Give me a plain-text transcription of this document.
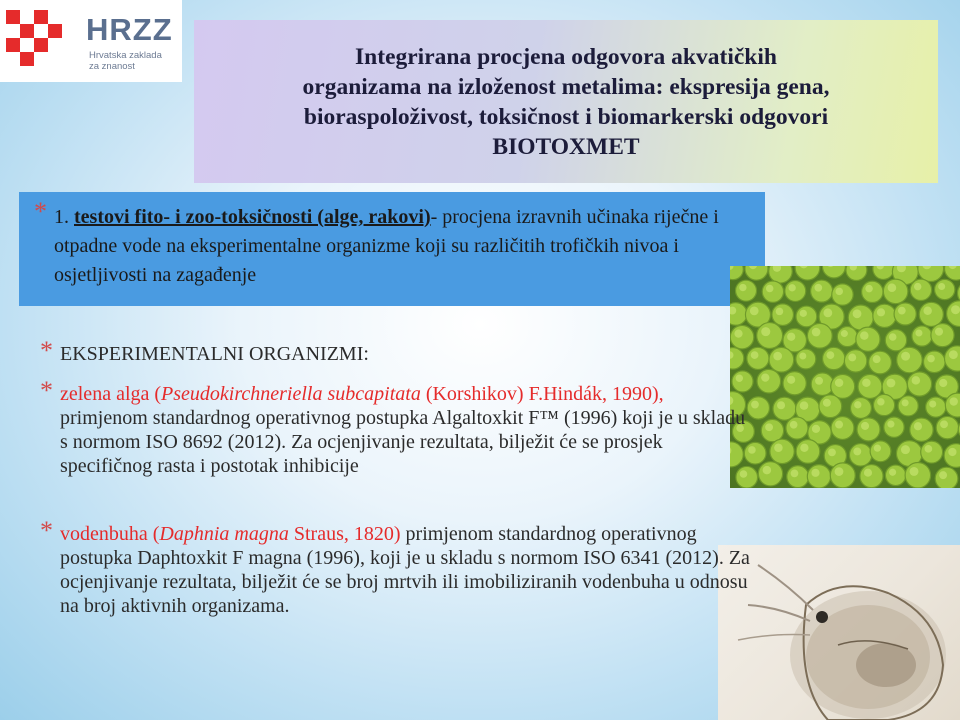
HRZZ
Hrvatska zaklada
za znanost	Integrirana procjena odgovora akvatičkih
organizama na izloženost metalima: ekspresija gena,
bioraspoloživost, toksičnost i biomarkerski odgovori
BIOTOXMET
* 1. testovi fito- i zoo-toksičnosti (alge, rakovi)- procjena izravnih učinaka riječne i otpadne vode na eksperimentalne organizme koji su različitih trofičkih nivoa i osjetljivosti na zagađenje
* EKSPERIMENTALNI ORGANIZMI:
* zelena alga (Pseudokirchneriella subcapitata (Korshikov) F.Hindák, 1990), primjenom standardnog operativnog postupka Algaltoxkit F™ (1996) koji je u skladu s normom ISO 8692 (2012). Za ocjenjivanje rezultata, bilježit će se prosjek specifičnog rasta i postotak inhibicije
* vodenbuha (Daphnia magna Straus, 1820) primjenom standardnog operativnog postupka Daphtoxkit F magna (1996), koji je u skladu s normom ISO 6341 (2012). Za ocjenjivanje rezultata, bilježit će se broj mrtvih ili imobiliziranih vodenbuha u odnosu na broj aktivnih organizama.
